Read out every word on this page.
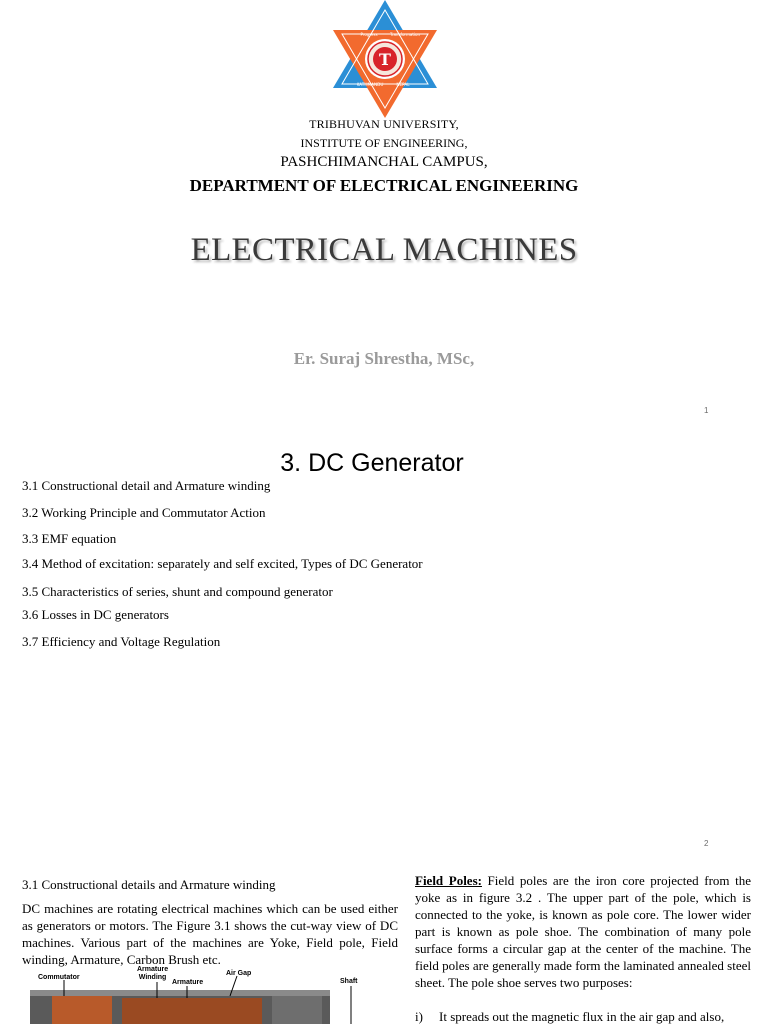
T
Progress	Transformation
KATHMANDU	NEPAL
TRIBHUVAN UNIVERSITY,
INSTITUTE OF ENGINEERING,
PASHCHIMANCHAL CAMPUS,
DEPARTMENT OF ELECTRICAL ENGINEERING
ELECTRICAL MACHINES
Er. Suraj Shrestha, MSc,
1
3. DC Generator
3.1 Constructional detail and Armature winding
3.2 Working Principle and Commutator Action
3.3 EMF equation
3.4 Method of excitation: separately and self excited, Types of DC Generator
3.5 Characteristics of series, shunt and compound generator
3.6 Losses in DC generators
3.7 Efficiency and Voltage Regulation
2
3.1 Constructional details and Armature winding
DC machines are rotating electrical machines which can be used either as generators or motors. The Figure 3.1 shows the cut-way view of DC machines. Various part of the machines are Yoke, Field pole, Field winding, Armature, Carbon Brush etc.
Commutator
Armature
Winding
Armature
Air Gap
Shaft
Field Poles: Field poles are the iron core projected from the yoke as in figure 3.2 . The upper part of the pole, which is connected to the yoke, is known as pole core. The lower wider part is known as pole shoe. The combination of many pole surface forms a circular gap at the center of the machine. The field poles are generally made form the laminated annealed steel sheet. The pole shoe serves two purposes:
i) It spreads out the magnetic flux in the air gap and also,
